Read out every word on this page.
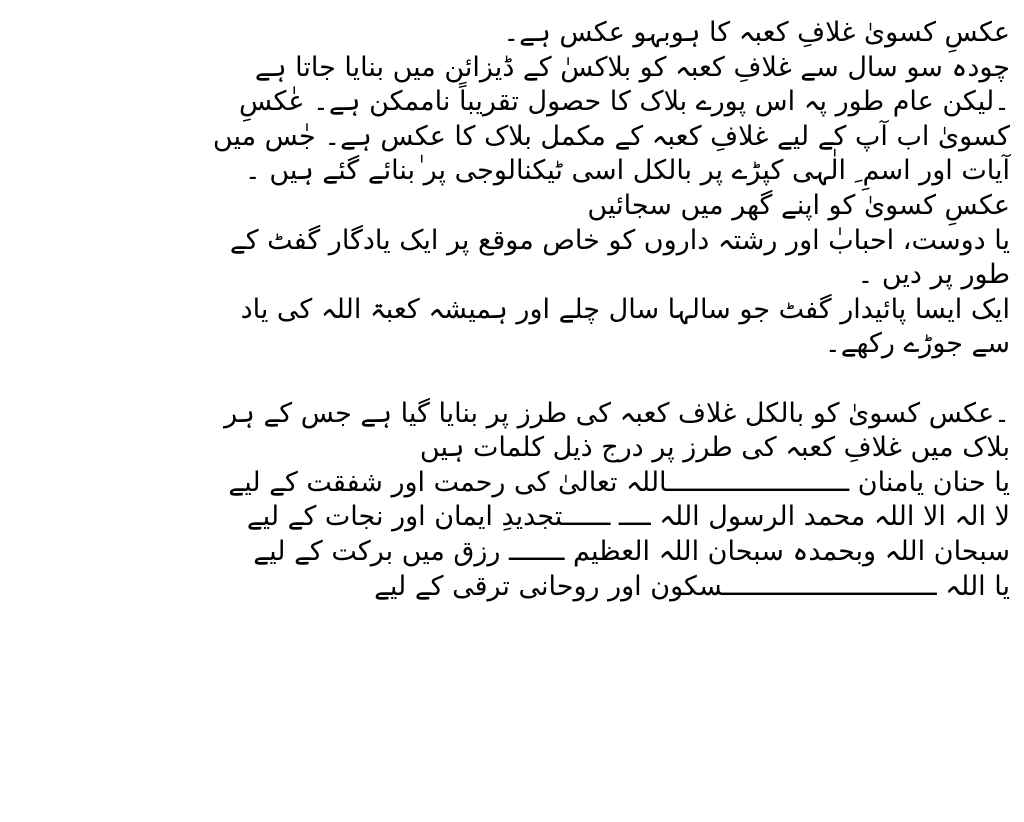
عکسِ کسویٰ غلافِ کعبہ کا ہوبہو عکس ہے۔
چودہ سو سال سے غلافِ کعبہ کو بلاکسٰ کے ڈیزائن میں بنایا جاتا ہے
۔لیکن عام طور پہ اس پورے بلاک کا حصول تقریباً ناممکن ہے۔ عٰکسِ
کسویٰ اب آپ کے لیے غلافِ کعبہ کے مکمل بلاک کا عکس ہے۔ جٰس میں
آیات اور اسمِ ِ الٰہی کپڑے پر بالکل اسی ٹیکنالوجی پر ٰبنائے گئے ہیں ۔
عکسِ کسویٰ کو اپنے گھر میں سجائیں
یا دوست، احبابٰ اور رشتہ داروں کو خاص موقع پر ایک یادگار گفٹ کے
طور پر دیں ۔
ایک ایسا پائیدار گفٹ جو سالہا سال چلے اور ہمیشہ کعبۃ اللہ کی یاد
سے جوڑے رکھے۔
۔عکس کسویٰ کو بالکل غلاف کعبہ کی طرز پر بنایا گیا ہے جس کے ہر
بلاک میں غلافِ کعبہ کی طرز پر درج ذیل کلمات ہیں
یا حنان یامنان ـــــــــــــــــــــــاللہ تعالیٰ کی رحمت اور شفقت کے لیے
لا الہ الا اللہ محمد الرسول اللہ ــــ ــــــتجدیدِ ایمان اور نجات کے لیے
سبحان اللہ وبحمدہ سبحان اللہ العظیم ـــــــ رزق میں برکت کے لیے
یا اللہ ـــــــــــــــــــــــــــسکون اور روحانی ترقی کے لیے
